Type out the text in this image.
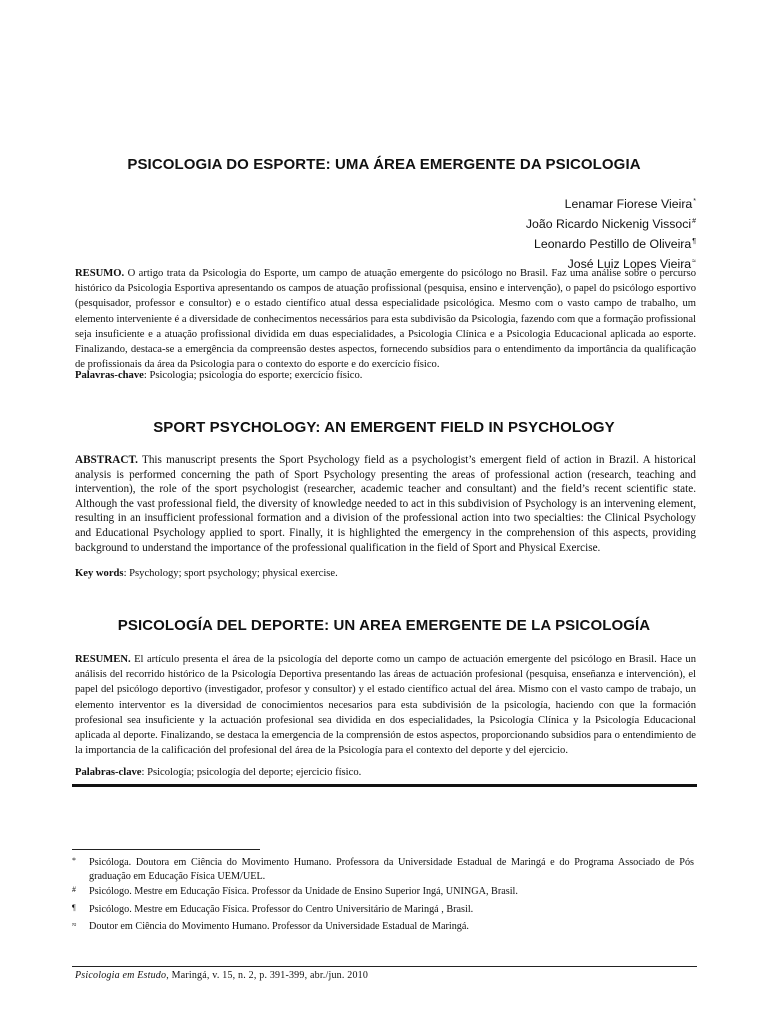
PSICOLOGIA DO ESPORTE: UMA ÁREA EMERGENTE DA PSICOLOGIA
Lenamar Fiorese Vieira*
João Ricardo Nickenig Vissoci#
Leonardo Pestillo de Oliveira¶
José Luiz Lopes Vieira≈
RESUMO. O artigo trata da Psicologia do Esporte, um campo de atuação emergente do psicólogo no Brasil. Faz uma análise sobre o percurso histórico da Psicologia Esportiva apresentando os campos de atuação profissional (pesquisa, ensino e intervenção), o papel do psicólogo esportivo (pesquisador, professor e consultor) e o estado científico atual dessa especialidade psicológica. Mesmo com o vasto campo de trabalho, um elemento interveniente é a diversidade de conhecimentos necessários para esta subdivisão da Psicologia, fazendo com que a formação profissional seja insuficiente e a atuação profissional dividida em duas especialidades, a Psicologia Clínica e a Psicologia Educacional aplicada ao esporte. Finalizando, destaca-se a emergência da compreensão destes aspectos, fornecendo subsídios para o entendimento da importância da qualificação de profissionais da área da Psicologia para o contexto do esporte e do exercício físico.
Palavras-chave: Psicologia; psicologia do esporte; exercício físico.
SPORT PSYCHOLOGY: AN EMERGENT FIELD IN PSYCHOLOGY
ABSTRACT. This manuscript presents the Sport Psychology field as a psychologist’s emergent field of action in Brazil. A historical analysis is performed concerning the path of Sport Psychology presenting the areas of professional action (research, teaching and intervention), the role of the sport psychologist (researcher, academic teacher and consultant) and the field’s recent scientific state. Although the vast professional field, the diversity of knowledge needed to act in this subdivision of Psychology is an intervening element, resulting in an insufficient professional formation and a division of the professional action into two specialties: the Clinical Psychology and Educational Psychology applied to sport. Finally, it is highlighted the emergency in the comprehension of this aspects, providing background to understand the importance of the professional qualification in the field of Sport and Physical Exercise.
Key words: Psychology; sport psychology; physical exercise.
PSICOLOGÍA DEL DEPORTE: UN AREA EMERGENTE DE LA PSICOLOGÍA
RESUMEN. El artículo presenta el área de la psicología del deporte como un campo de actuación emergente del psicólogo en Brasil. Hace un análisis del recorrido histórico de la Psicología Deportiva presentando las áreas de actuación profesional (pesquisa, enseñanza e intervención), el papel del psicólogo deportivo (investigador, profesor y consultor) y el estado científico actual del área. Mismo con el vasto campo de trabajo, un elemento interventor es la diversidad de conocimientos necesarios para esta subdivisión de la psicología, haciendo con que la formación profesional sea insuficiente y la actuación profesional sea dividida en dos especialidades, la Psicología Clínica y la Psicología Educacional aplicada al deporte. Finalizando, se destaca la emergencia de la comprensión de estos aspectos, proporcionando subsidios para o entendimiento de la importancia de la calificación del profesional del área de la Psicología para el contexto del deporte y del ejercicio.
Palabras-clave: Psicología; psicología del deporte; ejercicio físico.
* Psicóloga. Doutora em Ciência do Movimento Humano. Professora da Universidade Estadual de Maringá e do Programa Associado de Pós graduação em Educação Física UEM/UEL.
# Psicólogo. Mestre em Educação Física. Professor da Unidade de Ensino Superior Ingá, UNINGA, Brasil.
¶ Psicólogo. Mestre em Educação Física. Professor do Centro Universitário de Maringá , Brasil.
≈ Doutor em Ciência do Movimento Humano. Professor da Universidade Estadual de Maringá.
Psicologia em Estudo, Maringá, v. 15, n. 2, p. 391-399, abr./jun. 2010
